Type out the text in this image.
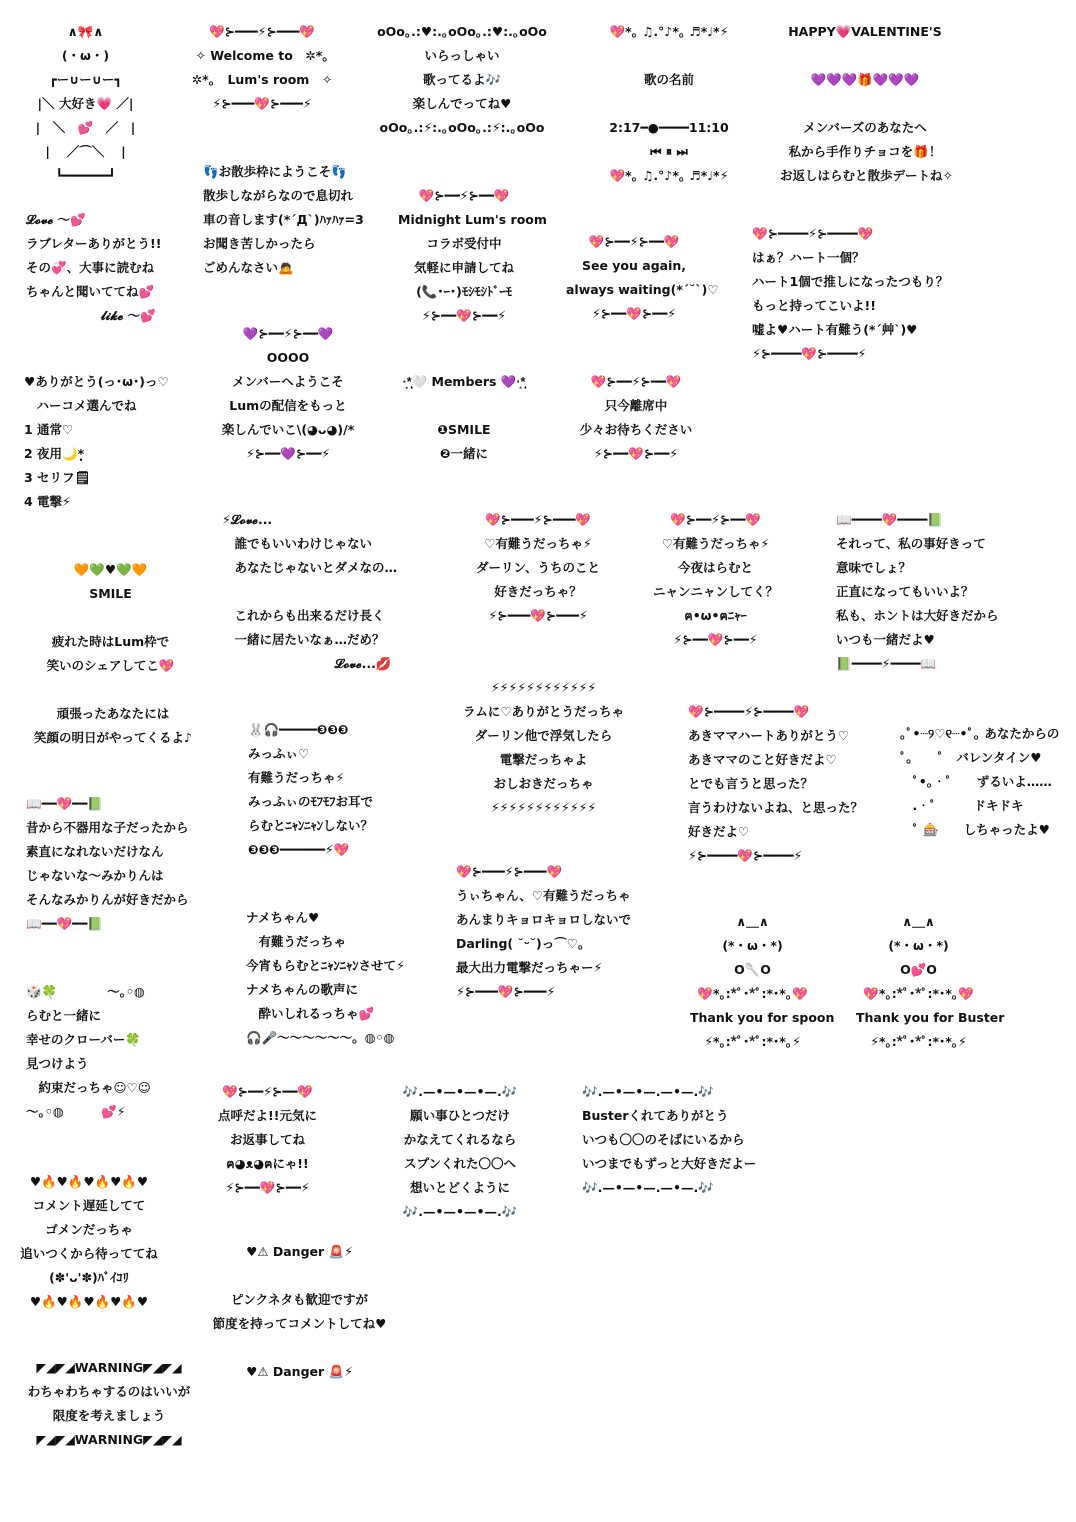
∧🎀∧
(・ω・)
┏ー∪ー∪ー┓
|＼ 大好き💗 ／|
|　＼　💕　／　|
|　 ／⌒＼ 　|
┗━━━━━━┛
💖⊱━━━⚡⊱━━━💖
✧ Welcome to　✲*｡
✲*｡　Lum's room　✧
⚡⊱━━━💖⊱━━━⚡
oOo｡.:♥:.｡oOo｡.:♥:.｡oOo
いらっしゃい
歌ってるよ🎶
楽しんでってね♥
oOo｡.:⚡:.｡oOo｡.:⚡:.｡oOo
💖*｡ ♫.°♪*｡ ♬*♩*⚡

歌の名前

2:17━●━━━━11:10
⏮ ⏸ ⏭
💖*｡ ♫.°♪*｡ ♬*♩*⚡
HAPPY💗VALENTINE'S
💜💜💜🎁💜💜💜
メンバーズのあなたへ
私から手作りチョコを🎁！
お返しはらむと散歩デートね✧
👣お散歩枠にようこそ👣
散歩しながらなので息切れ
車の音します(*´Д`)ﾊｧﾊｧ=3
お聞き苦しかったら
ごめんなさい🙇
💖⊱━━⚡⊱━━💖
Midnight Lum's room
コラボ受付中
気軽に申請してね
(📞･ｰ･)ﾓｼﾓｼﾄﾞｰﾓ
⚡⊱━━💖⊱━━⚡
💖⊱━━⚡⊱━━💖
See you again,
always waiting(*´˘`)♡
⚡⊱━━💖⊱━━⚡
💖⊱━━━━⚡⊱━━━━💖
はぁ？ハート一個？
ハート1個で推しになったつもり？
もっと持ってこいよ!!
嘘よ♥ハート有難う(*´艸`)♥
⚡⊱━━━━💖⊱━━━━⚡
𝓛𝓸𝓿𝓮 〜💕
ラブレターありがとう!!
その💞、大事に読むね
ちゃんと聞いててね💕
　　　　　　𝓵𝓲𝓴𝓮 〜💕
💜⊱━━⚡⊱━━💜
OOOO
メンバーへようこそ
Lumの配信をもっと
楽しんでいこ\(◕ᴗ◕)/*
⚡⊱━━💜⊱━━⚡
·͙*̩̩͙🤍 Members 💜·͙*̩̩͙

❶SMILE
❷一緒に
💖⊱━━⚡⊱━━💖
只今離席中
少々お待ちください
⚡⊱━━💖⊱━━⚡
♥ありがとう(っ･ω･)っ♡
　ハーコメ選んでね
1 通常♡
2 夜用🌙*̣̩
3 セリフ🗒
4 電撃⚡
⚡𝓛𝓸𝓿𝓮...
　誰でもいいわけじゃない
　あなたじゃないとダメなの…

　これからも出来るだけ長く
　一緒に居たいなぁ…だめ？
　　　　　　　　　𝓛𝓸𝓿𝓮...💋
🧡💚♥💚🧡
SMILE

疲れた時はLum枠で
笑いのシェアしてこ💖
💖⊱━━━⚡⊱━━━💖
♡有難うだっちゃ⚡
ダーリン、うちのこと
好きだっちゃ？
⚡⊱━━━💖⊱━━━⚡
💖⊱━━⚡⊱━━💖
♡有難うだっちゃ⚡
今夜はらむと
ニャンニャンしてく？
ฅ•ω•ฅﾆｬｰ
⚡⊱━━💖⊱━━⚡
📖━━━━💖━━━━📗
それって、私の事好きって
意味でしょ？
正直になってもいいよ？
私も、ホントは大好きだから
いつも一緒だよ♥
📗━━━━⚡━━━━📖
頑張ったあなたには
笑顔の明日がやってくるよ♪
⚡⚡⚡⚡⚡⚡⚡⚡⚡⚡⚡⚡
ラムに♡ありがとうだっちゃ
ダーリン他で浮気したら
電撃だっちゃよ
おしおきだっちゃ
⚡⚡⚡⚡⚡⚡⚡⚡⚡⚡⚡⚡
💖⊱━━━━⚡⊱━━━━💖
あきママハートありがとう♡
あきママのこと好きだよ♡
とでも言うと思った？
言うわけないよね、と思った？
好きだよ♡
⚡⊱━━━━💖⊱━━━━⚡
｡ﾟ•┈୨♡୧┈•ﾟ｡ あなたからの
ﾟ｡　　ﾟ　バレンタイン♥
　ﾟ•｡•ﾟ　　ずるいよ……
　.•ﾟ　　　ドキドキ
　ﾟ 🎰　　しちゃったよ♥
🐰🎧━━━━━❸❸❸
みっふぃ♡
有難うだっちゃ⚡
みっふぃのﾓﾌﾓﾌお耳で
らむとﾆｬﾝﾆｬﾝしない？
❸❸❸━━━━━━⚡💖
📖━━💖━━📗
昔から不器用な子だったから
素直になれないだけなん
じゃないな〜みかりんは
そんなみかりんが好きだから
📖━━💖━━📗
💖⊱━━━⚡⊱━━━💖
うぃちゃん、♡有難うだっちゃ
あんまりキョロキョロしないで
Darling( ˘ᵕ˘)っ⌒♡。
最大出力電撃だっちゃー⚡
⚡⊱━━━💖⊱━━━⚡
∧＿∧
(*・ω・*)
O🥄O
💖*｡:*ﾟ･*ﾟ:*･*｡💖
Thank you for spoon
⚡*｡:*ﾟ･*ﾟ:*･*｡⚡
∧＿∧
(*・ω・*)
O💕O
💖*｡:*ﾟ･*ﾟ:*･*｡💖
Thank you for Buster
⚡*｡:*ﾟ･*ﾟ:*･*｡⚡
ナメちゃん♥
　有難うだっちゃ
今宵もらむとﾆｬﾝﾆｬﾝさせて⚡
ナメちゃんの歌声に
　酔いしれるっちゃ💕
🎧🎤〜〜〜〜〜〜。◍◦◍
🎲🍀　　　　〜｡◦◍
らむと一緒に
幸せのクローバー🍀
見つけよう
　約束だっちゃ☺♡☺
〜｡◦◍　　　💕⚡
💖⊱━━⚡⊱━━💖
点呼だよ!!元気に
お返事してね
ฅ◕ᴥ◕ฅにゃ!!
⚡⊱━━💖⊱━━⚡
🎶.—•—•—•—.🎶
願い事ひとつだけ
かなえてくれるなら
スプンくれた〇〇へ
想いとどくように
🎶.—•—•—•—.🎶
🎶.—•—•—.—•—.🎶
Busterくれてありがとう
いつも〇〇のそばにいるから
いつまでもずっと大好きだよー
🎶.—•—•—.—•—.🎶
♥🔥♥🔥♥🔥♥🔥♥
コメント遅延してて
ゴメンだっちゃ
追いつくから待っててね
(✽'ᴗ'✽)ﾊﾞｲｺﾘ
♥🔥♥🔥♥🔥♥🔥♥
♥⚠ Danger 🚨⚡

ピンクネタも歓迎ですが
節度を持ってコメントしてね♥
◤◢◤◢WARNING◤◢◤◢
わちゃわちゃするのはいいが
限度を考えましょう
◤◢◤◢WARNING◤◢◤◢
♥⚠ Danger 🚨⚡
